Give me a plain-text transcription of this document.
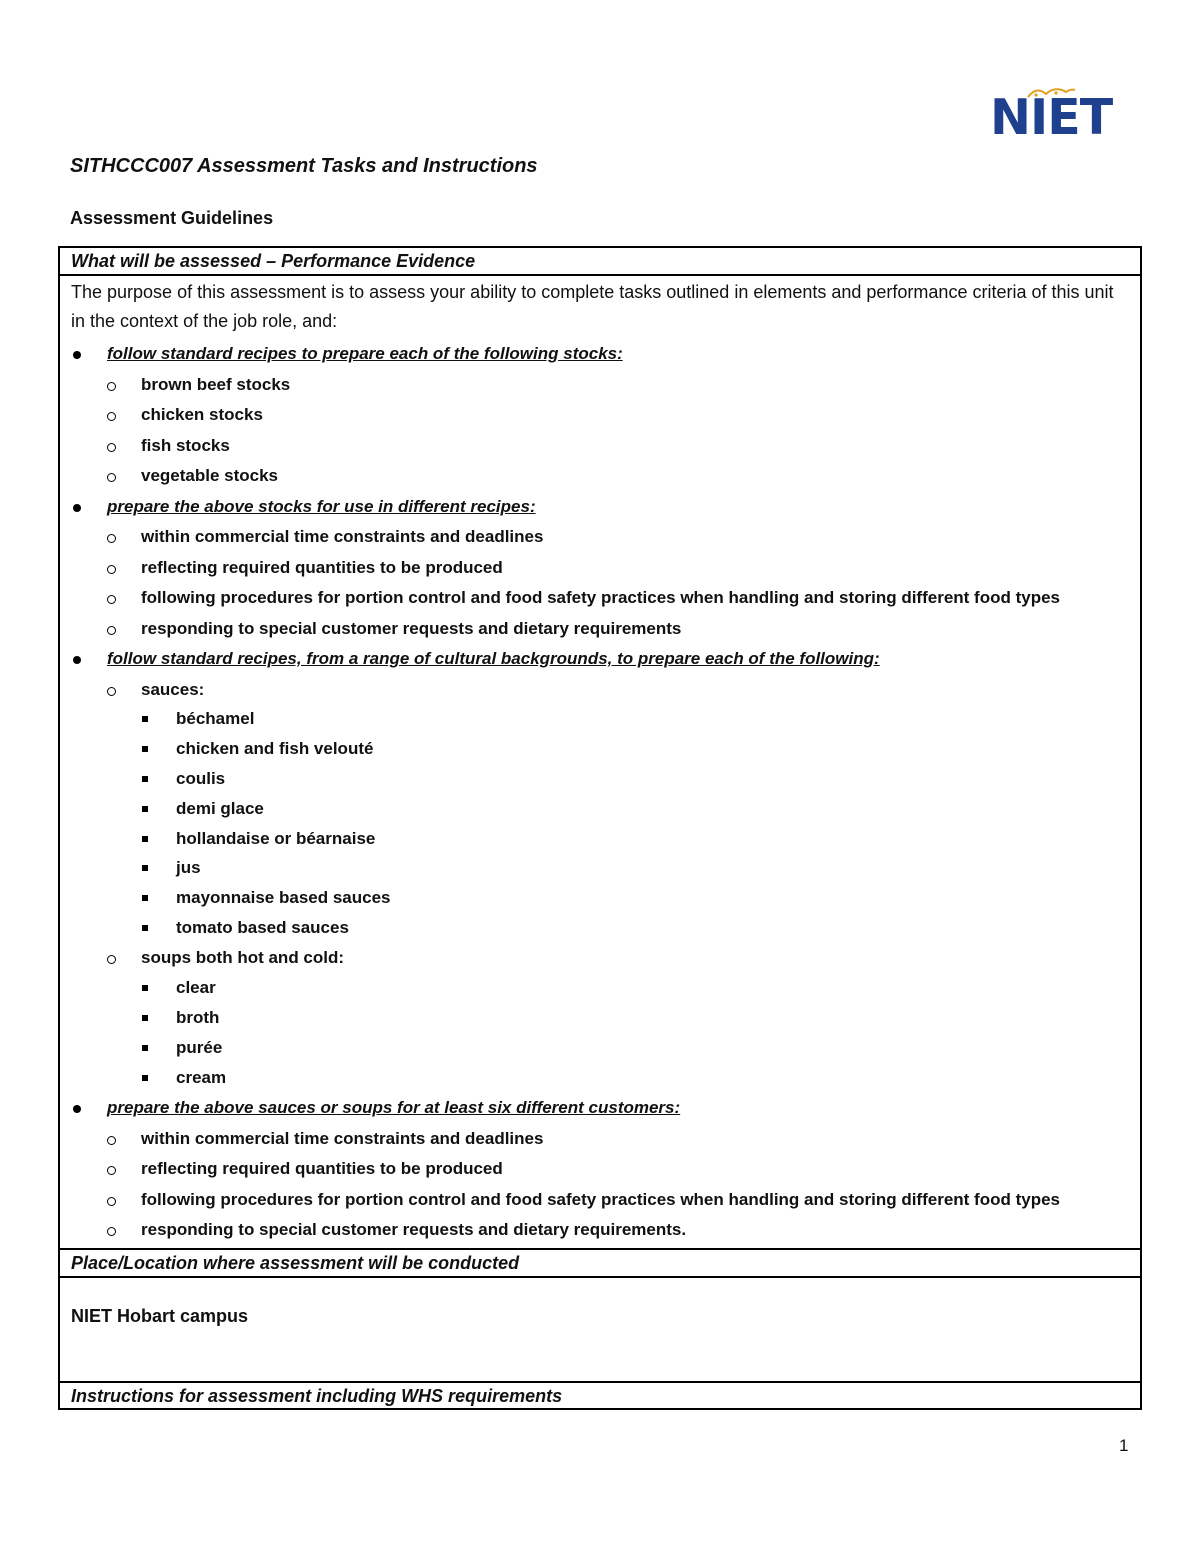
NIET
SITHCCC007 Assessment Tasks and Instructions
Assessment Guidelines
What will be assessed – Performance Evidence
The purpose of this assessment is to assess your ability to complete tasks outlined in elements and performance criteria of this unit in the context of the job role, and:
follow standard recipes to prepare each of the following stocks:
brown beef stocks
chicken stocks
fish stocks
vegetable stocks
prepare the above stocks for use in different recipes:
within commercial time constraints and deadlines
reflecting required quantities to be produced
following procedures for portion control and food safety practices when handling and storing different food types
responding to special customer requests and dietary requirements
follow standard recipes, from a range of cultural backgrounds, to prepare each of the following:
sauces:
béchamel
chicken and fish velouté
coulis
demi glace
hollandaise or béarnaise
jus
mayonnaise based sauces
tomato based sauces
soups both hot and cold:
clear
broth
purée
cream
prepare the above sauces or soups for at least six different customers:
within commercial time constraints and deadlines
reflecting required quantities to be produced
following procedures for portion control and food safety practices when handling and storing different food types
responding to special customer requests and dietary requirements.
Place/Location where assessment will be conducted
NIET Hobart campus
Instructions for assessment including WHS requirements
1
